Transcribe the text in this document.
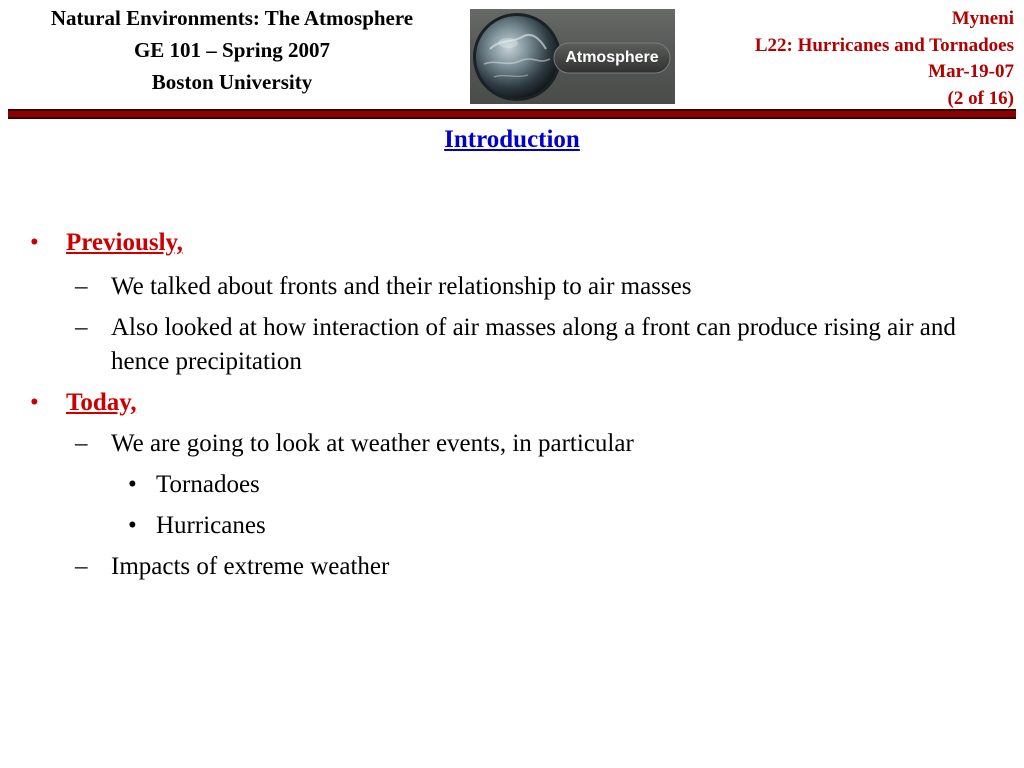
Natural Environments: The Atmosphere
GE 101 – Spring 2007
Boston University
Atmosphere
Myneni
L22: Hurricanes and Tornadoes
Mar-19-07
(2 of 16)
Introduction
• Previously,
– We talked about fronts and their relationship to air masses
– Also looked at how interaction of air masses along a front can produce rising air and hence precipitation
• Today,
– We are going to look at weather events, in particular
• Tornadoes
• Hurricanes
– Impacts of extreme weather
